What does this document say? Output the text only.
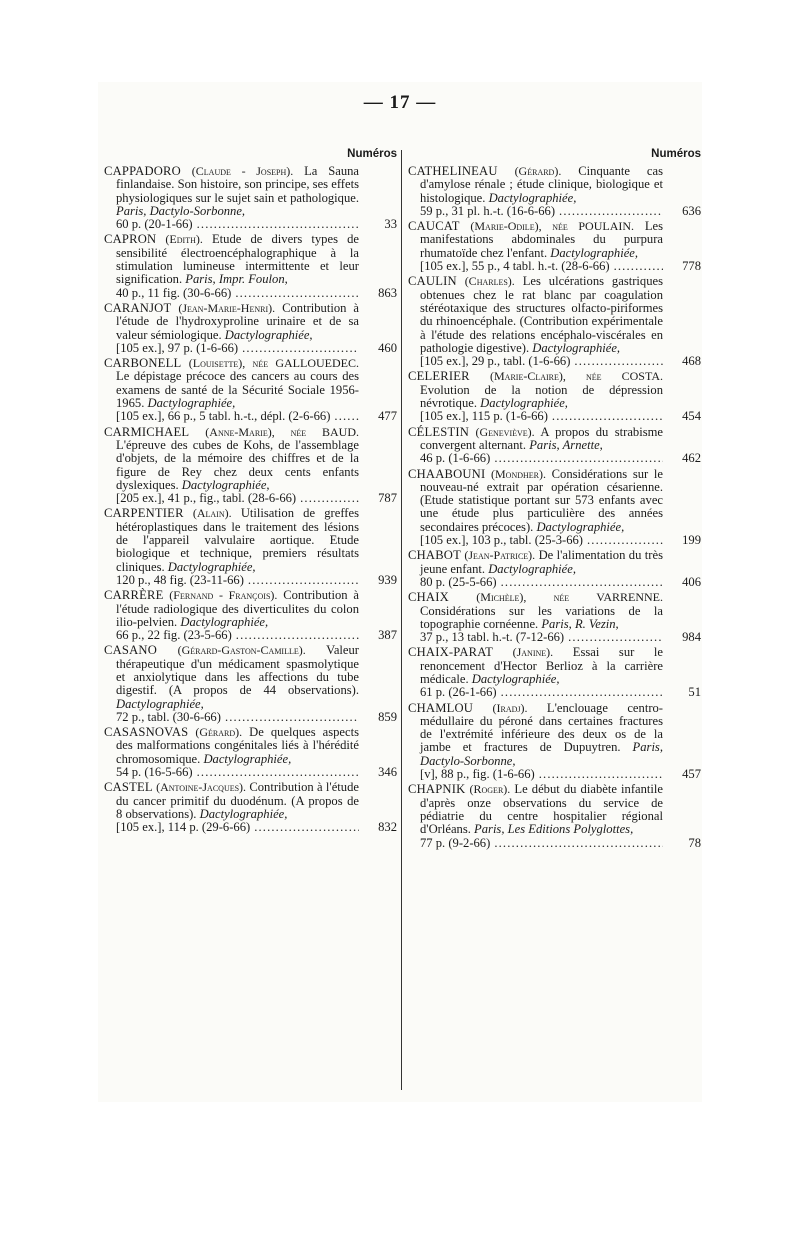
— 17 —
Numéros
CAPPADORO (Claude - Joseph). La Sauna finlandaise. Son histoire, son principe, ses effets physiologiques sur le sujet sain et pathologique. Paris, Dactylo-Sorbonne,
60 p. (20-1-66) . . .	33
CAPRON (Edith). Etude de divers types de sensibilité électroencéphalographique à la stimulation lumineuse intermittente et leur signification. Paris, Impr. Foulon,
40 p., 11 fig. (30-6-66) . . .	863
CARANJOT (Jean-Marie-Henri). Contribution à l'étude de l'hydroxyproline urinaire et de sa valeur sémiologique. Dactylographiée,
[105 ex.], 97 p. (1-6-66) . . .	460
CARBONELL (Louisette), née GALLOUEDEC. Le dépistage précoce des cancers au cours des examens de santé de la Sécurité Sociale 1956-1965. Dactylographiée,
[105 ex.], 66 p., 5 tabl. h.-t., dépl. (2-6-66) . . .	477
CARMICHAEL (Anne-Marie), née BAUD. L'épreuve des cubes de Kohs, de l'assemblage d'objets, de la mémoire des chiffres et de la figure de Rey chez deux cents enfants dyslexiques. Dactylographiée,
[205 ex.], 41 p., fig., tabl. (28-6-66) . . .	787
CARPENTIER (Alain). Utilisation de greffes hétéroplastiques dans le traitement des lésions de l'appareil valvulaire aortique. Etude biologique et technique, premiers résultats cliniques. Dactylographiée,
120 p., 48 fig. (23-11-66) . . .	939
CARRÈRE (Fernand - François). Contribution à l'étude radiologique des diverticulites du colon ilio-pelvien. Dactylographiée,
66 p., 22 fig. (23-5-66) . . .	387
CASANO (Gérard-Gaston-Camille). Valeur thérapeutique d'un médicament spasmolytique et anxiolytique dans les affections du tube digestif. (A propos de 44 observations). Dactylographiée,
72 p., tabl. (30-6-66) . . .	859
CASASNOVAS (Gérard). De quelques aspects des malformations congénitales liés à l'hérédité chromosomique. Dactylographiée,
54 p. (16-5-66) . . .	346
CASTEL (Antoine-Jacques). Contribution à l'étude du cancer primitif du duodénum. (A propos de 8 observations). Dactylographiée,
[105 ex.], 114 p. (29-6-66) . . .	832
Numéros
CATHELINEAU (Gérard). Cinquante cas d'amylose rénale ; étude clinique, biologique et histologique. Dactylographiée,
59 p., 31 pl. h.-t. (16-6-66) . . .	636
CAUCAT (Marie-Odile), née POULAIN. Les manifestations abdominales du purpura rhumatoïde chez l'enfant. Dactylographiée,
[105 ex.], 55 p., 4 tabl. h.-t. (28-6-66) . . .	778
CAULIN (Charles). Les ulcérations gastriques obtenues chez le rat blanc par coagulation stéréotaxique des structures olfacto-piriformes du rhinoencéphale. (Contribution expérimentale à l'étude des relations encéphalo-viscérales en pathologie digestive). Dactylographiée,
[105 ex.], 29 p., tabl. (1-6-66) . . .	468
CELERIER (Marie-Claire), née COSTA. Evolution de la notion de dépression névrotique. Dactylographiée,
[105 ex.], 115 p. (1-6-66) . . .	454
CÉLESTIN (Geneviève). A propos du strabisme convergent alternant. Paris, Arnette,
46 p. (1-6-66) . . .	462
CHAABOUNI (Mondher). Considérations sur le nouveau-né extrait par opération césarienne. (Etude statistique portant sur 573 enfants avec une étude plus particulière des années secondaires précoces). Dactylographiée,
[105 ex.], 103 p., tabl. (25-3-66) . . .	199
CHABOT (Jean-Patrice). De l'alimentation du très jeune enfant. Dactylographiée,
80 p. (25-5-66) . . .	406
CHAIX (Michèle), née VARRENNE. Considérations sur les variations de la topographie cornéenne. Paris, R. Vezin,
37 p., 13 tabl. h.-t. (7-12-66) . . .	984
CHAIX-PARAT (Janine). Essai sur le renoncement d'Hector Berlioz à la carrière médicale. Dactylographiée,
61 p. (26-1-66) . . .	51
CHAMLOU (Iradj). L'enclouage centro-médullaire du péroné dans certaines fractures de l'extrémité inférieure des deux os de la jambe et fractures de Dupuytren. Paris, Dactylo-Sorbonne,
[v], 88 p., fig. (1-6-66) . . .	457
CHAPNIK (Roger). Le début du diabète infantile d'après onze observations du service de pédiatrie du centre hospitalier régional d'Orléans. Paris, Les Editions Polyglottes,
77 p. (9-2-66) . . .	78
